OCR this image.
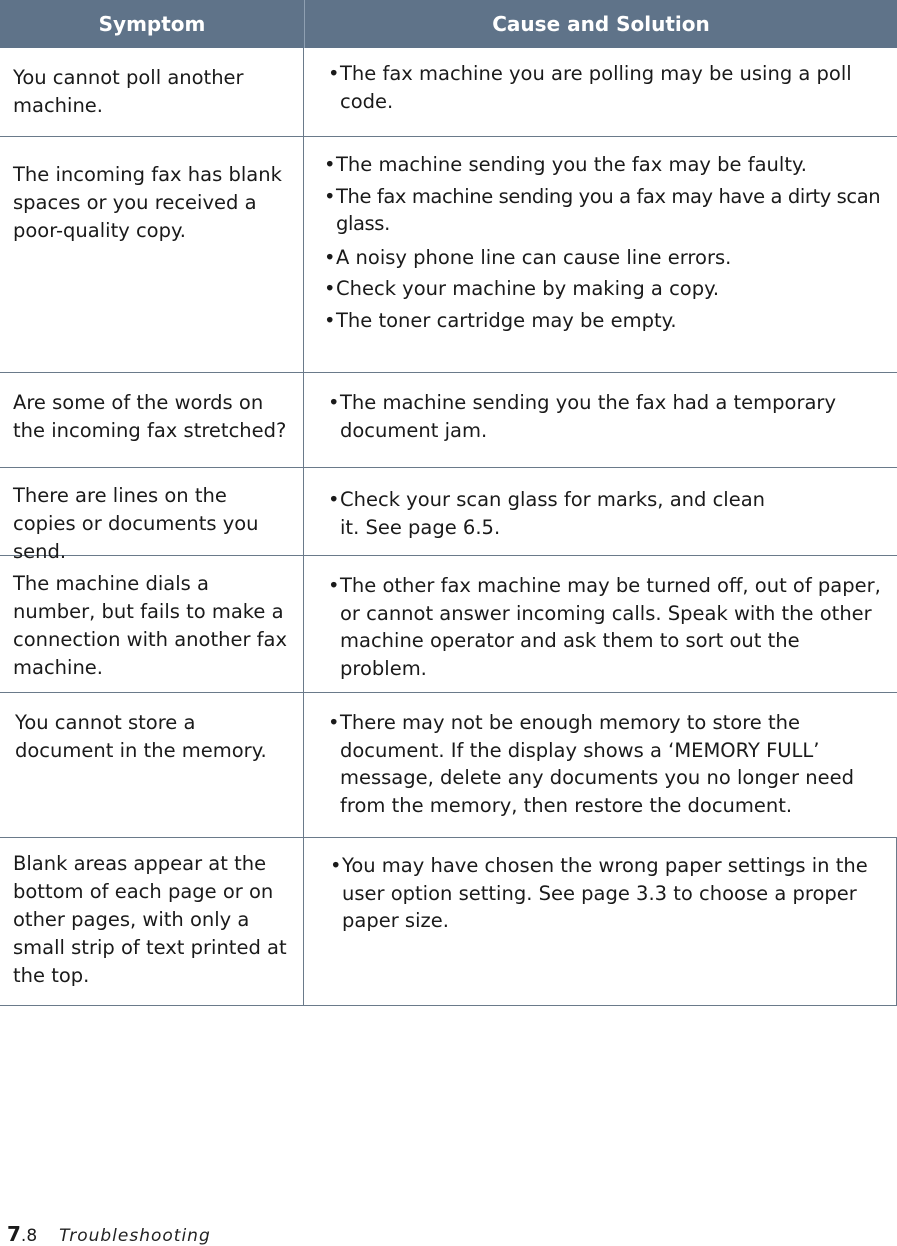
Symptom	Cause and Solution
You cannot poll another machine.
• The fax machine you are polling may be using a poll code.
The incoming fax has blank spaces or you received a poor-quality copy.
• The machine sending you the fax may be faulty.
• The fax machine sending you a fax may have a dirty scan glass.
• A noisy phone line can cause line errors.
• Check your machine by making a copy.
• The toner cartridge may be empty.
Are some of the words on the incoming fax stretched?
• The machine sending you the fax had a temporary document jam.
There are lines on the copies or documents you send.
• Check your scan glass for marks, and clean it. See page 6.5.
The machine dials a number, but fails to make a connection with another fax machine.
• The other fax machine may be turned off, out of paper, or cannot answer incoming calls. Speak with the other machine operator and ask them to sort out the problem.
You cannot store a document in the memory.
• There may not be enough memory to store the document. If the display shows a ‘MEMORY FULL’ message, delete any documents you no longer need from the memory, then restore the document.
Blank areas appear at the bottom of each page or on other pages, with only a small strip of text printed at the top.
• You may have chosen the wrong paper settings in the user option setting. See page 3.3 to choose a proper paper size.
7 .8 Troubleshooting
